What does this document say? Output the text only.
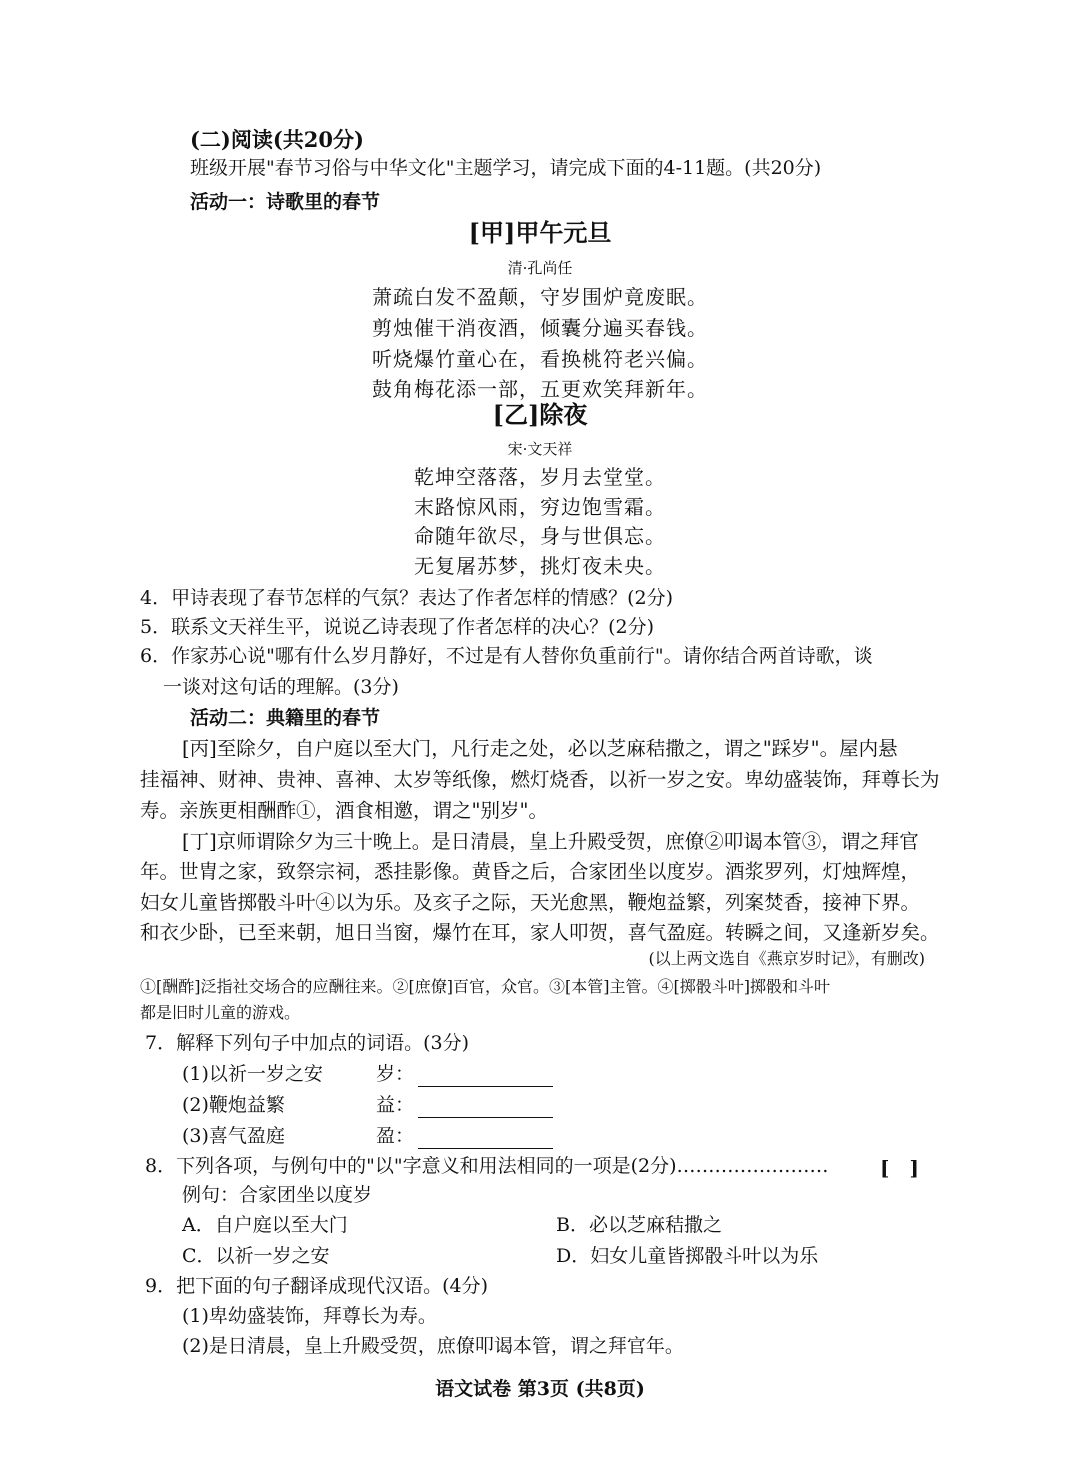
(二)阅读(共20分)
班级开展"春节习俗与中华文化"主题学习，请完成下面的4-11题。(共20分)
活动一：诗歌里的春节
[甲]甲午元旦
清·孔尚任
萧疏白发不盈颠，守岁围炉竟废眠。
剪烛催干消夜酒，倾囊分遍买春钱。
听烧爆竹童心在，看换桃符老兴偏。
鼓角梅花添一部，五更欢笑拜新年。
[乙]除夜
宋·文天祥
乾坤空落落，岁月去堂堂。
末路惊风雨，穷边饱雪霜。
命随年欲尽，身与世俱忘。
无复屠苏梦，挑灯夜未央。
4．甲诗表现了春节怎样的气氛？表达了作者怎样的情感？(2分)
5．联系文天祥生平，说说乙诗表现了作者怎样的决心？(2分)
6．作家苏心说"哪有什么岁月静好，不过是有人替你负重前行"。请你结合两首诗歌，谈
一谈对这句话的理解。(3分)
活动二：典籍里的春节
[丙]至除夕，自户庭以至大门，凡行走之处，必以芝麻秸撒之，谓之"踩岁"。屋内悬
挂福神、财神、贵神、喜神、太岁等纸像，燃灯烧香，以祈一岁之安。卑幼盛装饰，拜尊长为
寿。亲族更相酬酢①，酒食相邀，谓之"别岁"。
[丁]京师谓除夕为三十晚上。是日清晨，皇上升殿受贺，庶僚②叩谒本管③，谓之拜官
年。世胄之家，致祭宗祠，悉挂影像。黄昏之后，合家团坐以度岁。酒浆罗列，灯烛辉煌，
妇女儿童皆掷骰斗叶④以为乐。及亥子之际，天光愈黑，鞭炮益繁，列案焚香，接神下界。
和衣少卧，已至来朝，旭日当窗，爆竹在耳，家人叩贺，喜气盈庭。转瞬之间，又逢新岁矣。
(以上两文选自《燕京岁时记》，有删改)
①[酬酢]泛指社交场合的应酬往来。②[庶僚]百官，众官。③[本管]主管。④[掷骰斗叶]掷骰和斗叶
都是旧时儿童的游戏。
7．解释下列句子中加点的词语。(3分)
(1)以祈一岁之安	岁：
(2)鞭炮益繁	益：
(3)喜气盈庭	盈：
8．下列各项，与例句中的"以"字意义和用法相同的一项是(2分)……………………	[　]
例句：合家团坐以度岁
A．自户庭以至大门	B．必以芝麻秸撒之
C．以祈一岁之安	D．妇女儿童皆掷骰斗叶以为乐
9．把下面的句子翻译成现代汉语。(4分)
(1)卑幼盛装饰，拜尊长为寿。
(2)是日清晨，皇上升殿受贺，庶僚叩谒本管，谓之拜官年。
语文试卷 第3页 (共8页)
